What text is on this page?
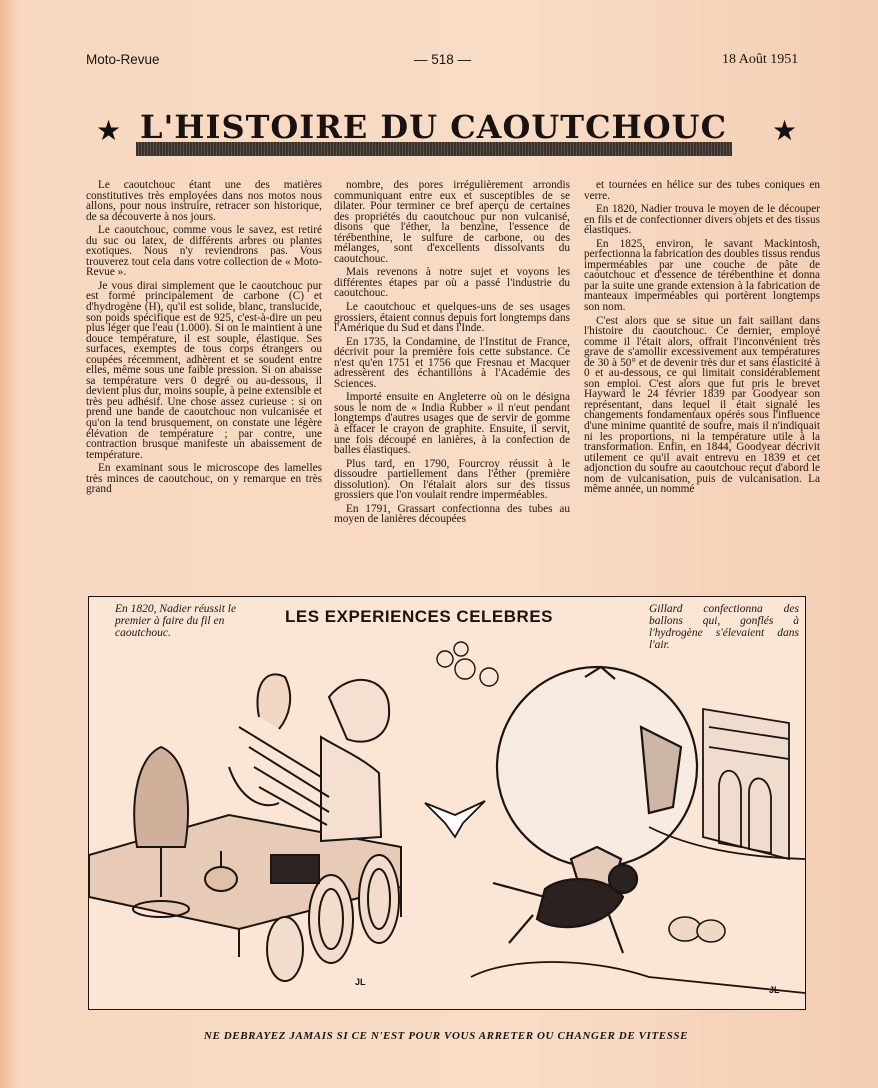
Moto-Revue	— 518 —	18 Août 1951
★ L'HISTOIRE DU CAOUTCHOUC ★

Le caoutchouc étant une des matières constitutives très employées dans nos motos nous allons, pour nous instruire, retracer son historique, de sa découverte à nos jours.

Le caoutchouc, comme vous le savez, est retiré du suc ou latex, de différents arbres ou plantes exotiques. Nous n'y reviendrons pas. Vous trouverez tout cela dans votre collection de « Moto-Revue ».

Je vous dirai simplement que le caoutchouc pur est formé principalement de carbone (C) et d'hydrogène (H), qu'il est solide, blanc, translucide, son poids spécifique est de 925, c'est-à-dire un peu plus léger que l'eau (1.000). Si on le maintient à une douce température, il est souple, élastique. Ses surfaces, exemptes de tous corps étrangers ou coupées récemment, adhèrent et se soudent entre elles, même sous une faible pression. Si on abaisse sa température vers 0 degré ou au-dessous, il devient plus dur, moins souple, à peine extensible et très peu adhésif. Une chose assez curieuse : si on prend une bande de caoutchouc non vulcanisée et qu'on la tend brusquement, on constate une légère élévation de température ; par contre, une contraction brusque manifeste un abaissement de température.

En examinant sous le microscope des lamelles très minces de caoutchouc, on y remarque en très grand

nombre, des pores irrégulièrement arrondis communiquant entre eux et susceptibles de se dilater. Pour terminer ce bref aperçu de certaines des propriétés du caoutchouc pur non vulcanisé, disons que l'éther, la benzine, l'essence de térébenthine, le sulfure de carbone, ou des mélanges, sont d'excellents dissolvants du caoutchouc.

Mais revenons à notre sujet et voyons les différentes étapes par où a passé l'industrie du caoutchouc.

Le caoutchouc et quelques-uns de ses usages grossiers, étaient connus depuis fort longtemps dans l'Amérique du Sud et dans l'Inde.

En 1735, la Condamine, de l'Institut de France, décrivit pour la première fois cette substance. Ce n'est qu'en 1751 et 1756 que Fresnau et Macquer adressèrent des échantillons à l'Académie des Sciences.

Importé ensuite en Angleterre où on le désigna sous le nom de « India Rubber » il n'eut pendant longtemps d'autres usages que de servir de gomme à effacer le crayon de graphite. Ensuite, il servit, une fois découpé en lanières, à la confection de balles élastiques.

Plus tard, en 1790, Fourcroy réussit à le dissoudre partiellement dans l'éther (première dissolution). On l'étalait alors sur des tissus grossiers que l'on voulait rendre imperméables.

En 1791, Grassart confectionna des tubes au moyen de lanières découpées

et tournées en hélice sur des tubes coniques en verre.

En 1820, Nadier trouva le moyen de le découper en fils et de confectionner divers objets et des tissus élastiques.

En 1825, environ, le savant Mackintosh, perfectionna la fabrication des doubles tissus rendus imperméables par une couche de pâte de caoutchouc et d'essence de térébenthine et donna par la suite une grande extension à la fabrication de manteaux imperméables qui portèrent longtemps son nom.

C'est alors que se situe un fait saillant dans l'histoire du caoutchouc. Ce dernier, employé comme il l'était alors, offrait l'inconvénient très grave de s'amollir excessivement aux températures de 30 à 50° et de devenir très dur et sans élasticité à 0 et au-dessous, ce qui limitait considérablement son emploi. C'est alors que fut pris le brevet Hayward le 24 février 1839 par Goodyear son représentant, dans lequel il était signalé les changements fondamentaux opérés sous l'influence d'une minime quantité de soufre, mais il n'indiquait ni les proportions, ni la température utile à la transformation. Enfin, en 1844, Goodyear décrivit utilement ce qu'il avait entrevu en 1839 et cet adjonction du soufre au caoutchouc reçut d'abord le nom de vulcanisation, puis de vulcanisation. La même année, un nommé

En 1820, Nadier réussit le premier à faire du fil en caoutchouc.
LES EXPERIENCES CELEBRES	Gillard confectionna des ballons qui, gonflés à l'hydrogène s'élevaient dans l'air.
JL
JL
NE DEBRAYEZ JAMAIS SI CE N'EST POUR VOUS ARRETER OU CHANGER DE VITESSE
